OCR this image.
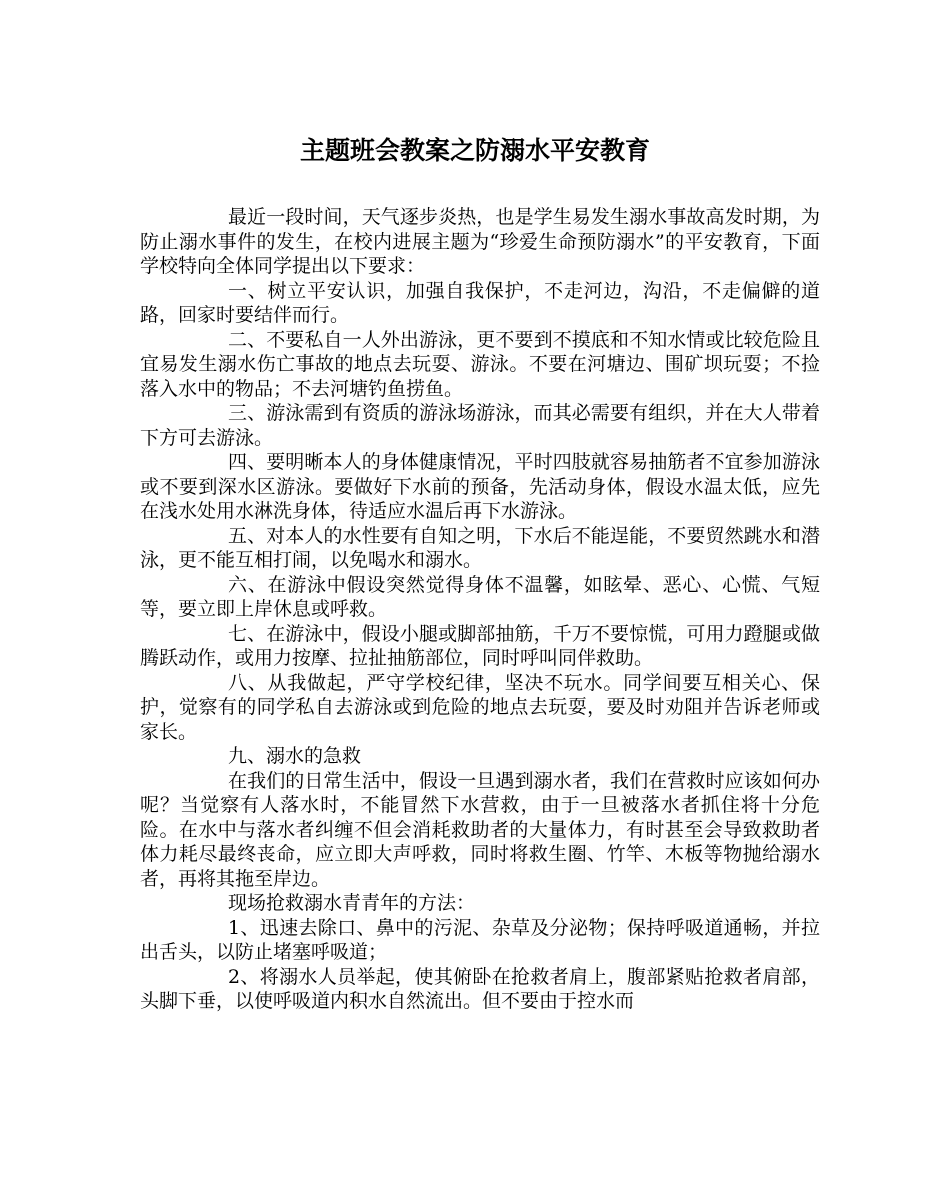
主题班会教案之防溺水平安教育

最近一段时间，天气逐步炎热，也是学生易发生溺水事故高发时期，为防止溺水事件的发生，在校内进展主题为“珍爱生命预防溺水”的平安教育，下面学校特向全体同学提出以下要求：

一、树立平安认识，加强自我保护，不走河边，沟沿，不走偏僻的道路，回家时要结伴而行。

二、不要私自一人外出游泳，更不要到不摸底和不知水情或比较危险且宜易发生溺水伤亡事故的地点去玩耍、游泳。不要在河塘边、围矿坝玩耍；不捡落入水中的物品；不去河塘钓鱼捞鱼。

三、游泳需到有资质的游泳场游泳，而其必需要有组织，并在大人带着下方可去游泳。

四、要明晰本人的身体健康情况，平时四肢就容易抽筋者不宜参加游泳或不要到深水区游泳。要做好下水前的预备，先活动身体，假设水温太低，应先在浅水处用水淋洗身体，待适应水温后再下水游泳。

五、对本人的水性要有自知之明，下水后不能逞能，不要贸然跳水和潜泳，更不能互相打闹，以免喝水和溺水。

六、在游泳中假设突然觉得身体不温馨，如眩晕、恶心、心慌、气短等，要立即上岸休息或呼救。

七、在游泳中，假设小腿或脚部抽筋，千万不要惊慌，可用力蹬腿或做腾跃动作，或用力按摩、拉扯抽筋部位，同时呼叫同伴救助。

八、从我做起，严守学校纪律，坚决不玩水。同学间要互相关心、保护，觉察有的同学私自去游泳或到危险的地点去玩耍，要及时劝阻并告诉老师或家长。

九、溺水的急救

在我们的日常生活中，假设一旦遇到溺水者，我们在营救时应该如何办呢？当觉察有人落水时，不能冒然下水营救，由于一旦被落水者抓住将十分危险。在水中与落水者纠缠不但会消耗救助者的大量体力，有时甚至会导致救助者体力耗尽最终丧命，应立即大声呼救，同时将救生圈、竹竿、木板等物抛给溺水者，再将其拖至岸边。

现场抢救溺水青青年的方法：

1、迅速去除口、鼻中的污泥、杂草及分泌物；保持呼吸道通畅，并拉出舌头，以防止堵塞呼吸道；

2、将溺水人员举起，使其俯卧在抢救者肩上，腹部紧贴抢救者肩部，头脚下垂，以使呼吸道内积水自然流出。但不要由于控水而
